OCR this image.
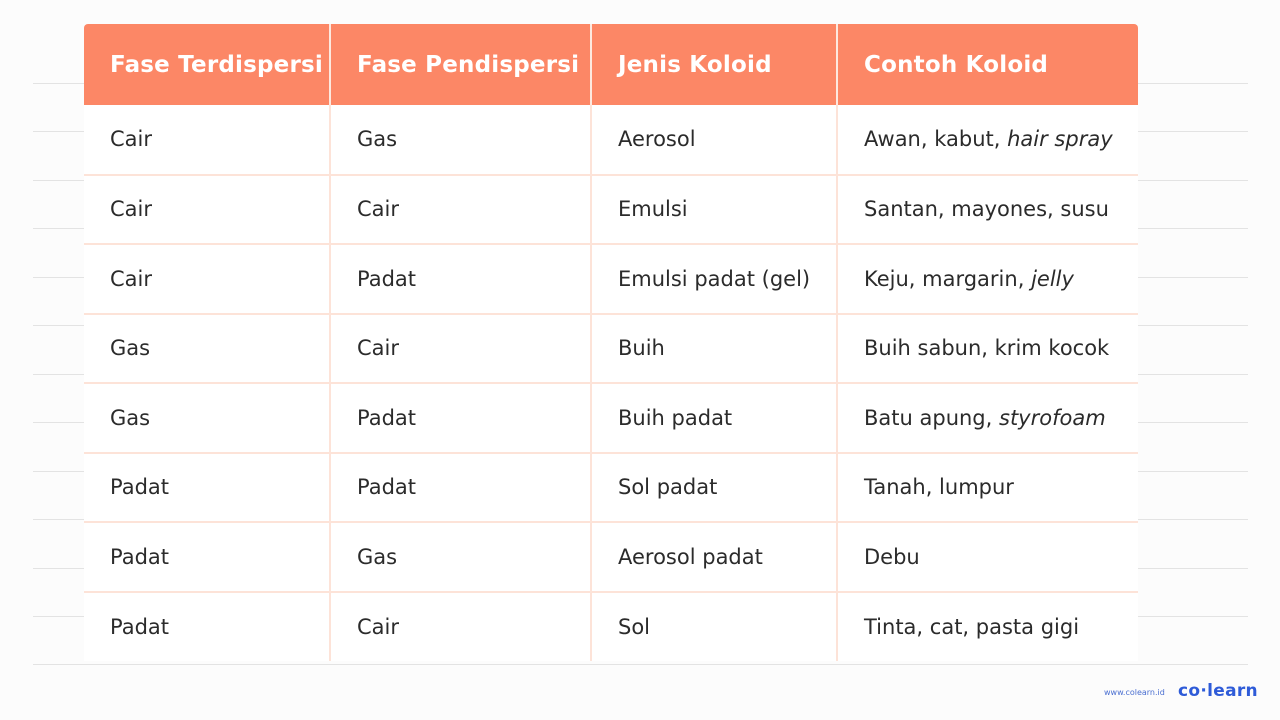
Fase Terdispersi	Fase Pendispersi	Jenis Koloid	Contoh Koloid
Cair	Gas	Aerosol	Awan, kabut, hair spray
Cair	Cair	Emulsi	Santan, mayones, susu
Cair	Padat	Emulsi padat (gel)	Keju, margarin, jelly
Gas	Cair	Buih	Buih sabun, krim kocok
Gas	Padat	Buih padat	Batu apung, styrofoam
Padat	Padat	Sol padat	Tanah, lumpur
Padat	Gas	Aerosol padat	Debu
Padat	Cair	Sol	Tinta, cat, pasta gigi
www.colearn.id co·learn
